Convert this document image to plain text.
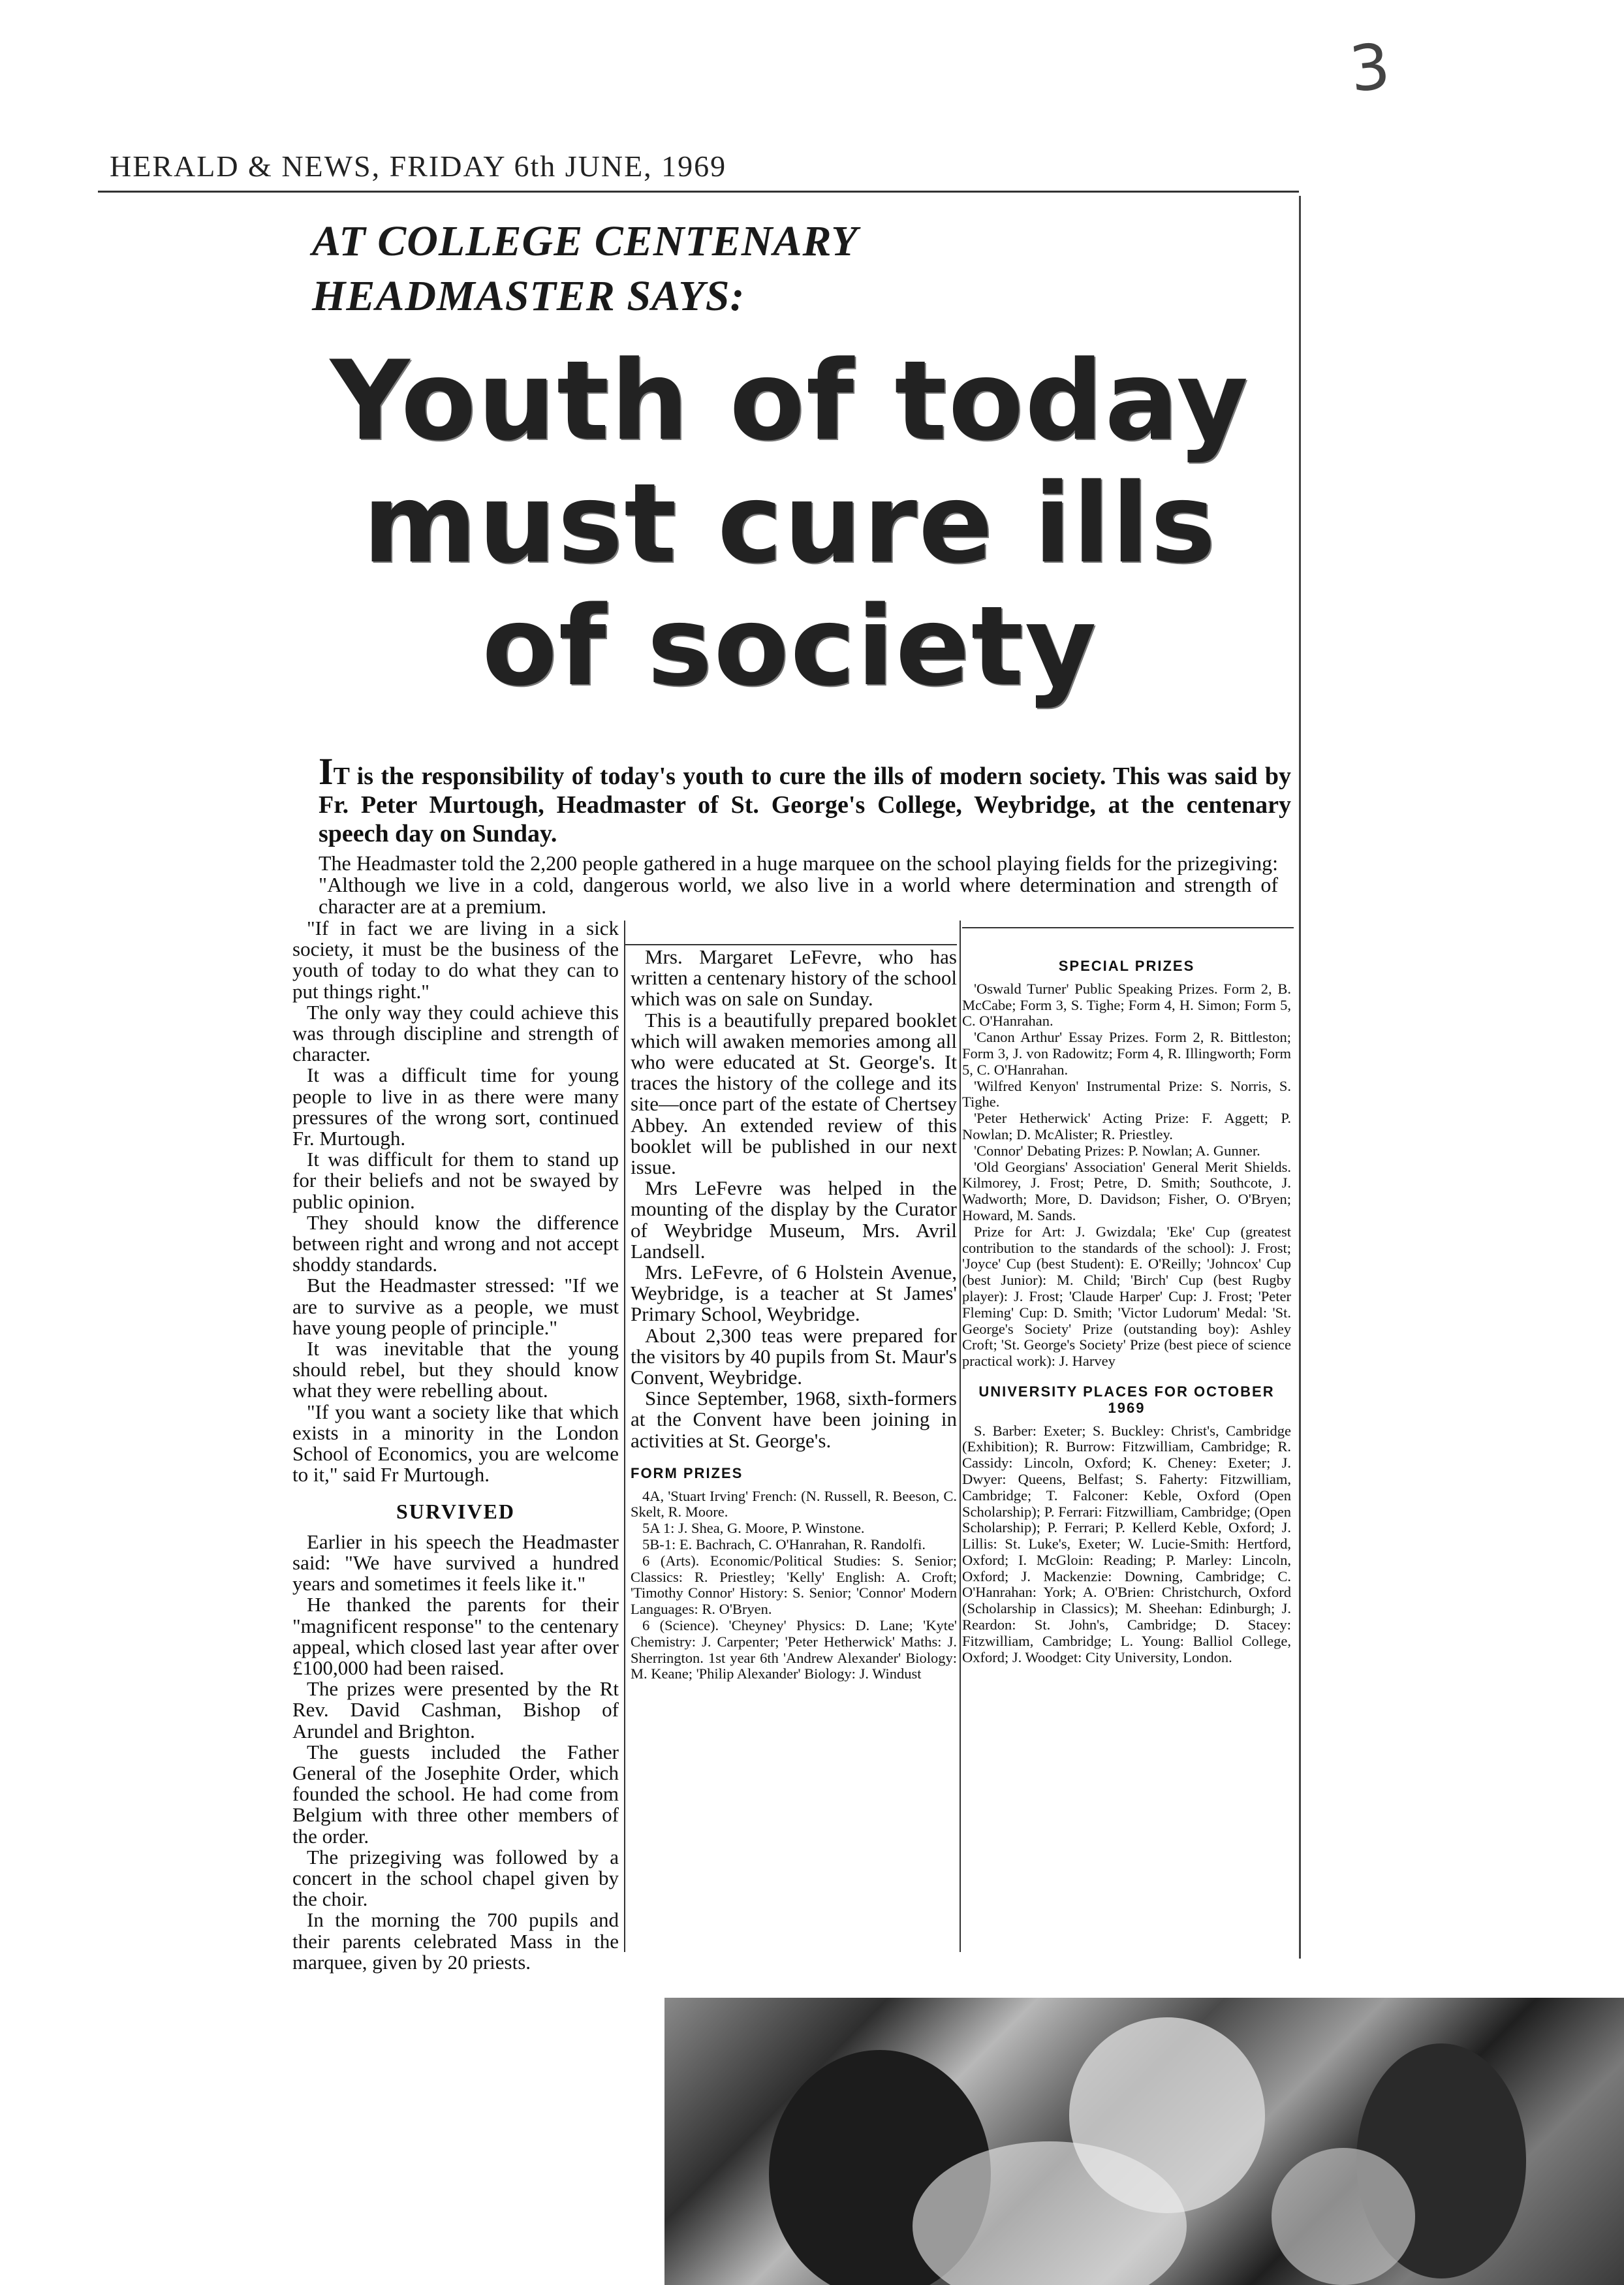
3
HERALD & NEWS, FRIDAY 6th JUNE, 1969
AT COLLEGE CENTENARY
HEADMASTER SAYS:
Youth of today
must cure ills
of society
IT is the responsibility of today's youth to cure the ills of modern society. This was said by Fr. Peter Murtough, Headmaster of St. George's College, Weybridge, at the centenary speech day on Sunday.
The Headmaster told the 2,200 people gathered in a huge marquee on the school playing fields for the prizegiving: "Although we live in a cold, dangerous world, we also live in a world where determination and strength of character are at a premium.

"If in fact we are living in a sick society, it must be the business of the youth of today to do what they can to put things right."

The only way they could achieve this was through discipline and strength of character.

It was a difficult time for young people to live in as there were many pressures of the wrong sort, continued Fr. Murtough.

It was difficult for them to stand up for their beliefs and not be swayed by public opinion.

They should know the difference between right and wrong and not accept shoddy standards.

But the Headmaster stressed: "If we are to survive as a people, we must have young people of principle."

It was inevitable that the young should rebel, but they should know what they were rebelling about.

"If you want a society like that which exists in a minority in the London School of Economics, you are welcome to it," said Fr Murtough.

SURVIVED

Earlier in his speech the Headmaster said: "We have survived a hundred years and sometimes it feels like it."

He thanked the parents for their "magnificent response" to the centenary appeal, which closed last year after over £100,000 had been raised.

The prizes were presented by the Rt Rev. David Cashman, Bishop of Arundel and Brighton.

The guests included the Father General of the Josephite Order, which founded the school. He had come from Belgium with three other members of the order.

The prizegiving was followed by a concert in the school chapel given by the choir.

In the morning the 700 pupils and their parents celebrated Mass in the marquee, given by 20 priests.

Mrs. Margaret LeFevre, who has written a centenary history of the school which was on sale on Sunday.

This is a beautifully prepared booklet which will awaken memories among all who were educated at St. George's. It traces the history of the college and its site—once part of the estate of Chertsey Abbey. An extended review of this booklet will be published in our next issue.

Mrs LeFevre was helped in the mounting of the display by the Curator of Weybridge Museum, Mrs. Avril Landsell.

Mrs. LeFevre, of 6 Holstein Avenue, Weybridge, is a teacher at St James' Primary School, Weybridge.

About 2,300 teas were prepared for the visitors by 40 pupils from St. Maur's Convent, Weybridge.

Since September, 1968, sixth-formers at the Convent have been joining in activities at St. George's.

FORM PRIZES

4A, 'Stuart Irving' French: (N. Russell, R. Beeson, C. Skelt, R. Moore.

5A 1: J. Shea, G. Moore, P. Winstone.

5B-1: E. Bachrach, C. O'Hanrahan, R. Randolfi.

6 (Arts). Economic/Political Studies: S. Senior; Classics: R. Priestley; 'Kelly' English: A. Croft; 'Timothy Connor' History: S. Senior; 'Connor' Modern Languages: R. O'Bryen.

6 (Science). 'Cheyney' Physics: D. Lane; 'Kyte' Chemistry: J. Carpenter; 'Peter Hetherwick' Maths: J. Sherrington. 1st year 6th 'Andrew Alexander' Biology: M. Keane; 'Philip Alexander' Biology: J. Windust

SPECIAL PRIZES

'Oswald Turner' Public Speaking Prizes. Form 2, B. McCabe; Form 3, S. Tighe; Form 4, H. Simon; Form 5, C. O'Hanrahan.

'Canon Arthur' Essay Prizes. Form 2, R. Bittleston; Form 3, J. von Radowitz; Form 4, R. Illingworth; Form 5, C. O'Hanrahan.

'Wilfred Kenyon' Instrumental Prize: S. Norris, S. Tighe.

'Peter Hetherwick' Acting Prize: F. Aggett; P. Nowlan; D. McAlister; R. Priestley.

'Connor' Debating Prizes: P. Nowlan; A. Gunner.

'Old Georgians' Association' General Merit Shields. Kilmorey, J. Frost; Petre, D. Smith; Southcote, J. Wadworth; More, D. Davidson; Fisher, O. O'Bryen; Howard, M. Sands.

Prize for Art: J. Gwizdala; 'Eke' Cup (greatest contribution to the standards of the school): J. Frost; 'Joyce' Cup (best Student): E. O'Reilly; 'Johncox' Cup (best Junior): M. Child; 'Birch' Cup (best Rugby player): J. Frost; 'Claude Harper' Cup: J. Frost; 'Peter Fleming' Cup: D. Smith; 'Victor Ludorum' Medal: 'St. George's Society' Prize (outstanding boy): Ashley Croft; 'St. George's Society' Prize (best piece of science practical work): J. Harvey

UNIVERSITY PLACES FOR OCTOBER 1969

S. Barber: Exeter; S. Buckley: Christ's, Cambridge (Exhibition); R. Burrow: Fitzwilliam, Cambridge; R. Cassidy: Lincoln, Oxford; K. Cheney: Exeter; J. Dwyer: Queens, Belfast; S. Faherty: Fitzwilliam, Cambridge; T. Falconer: Keble, Oxford (Open Scholarship); P. Ferrari: Fitzwilliam, Cambridge; (Open Scholarship); P. Ferrari; P. Kellerd Keble, Oxford; J. Lillis: St. Luke's, Exeter; W. Lucie-Smith: Hertford, Oxford; I. McGloin: Reading; P. Marley: Lincoln, Oxford; J. Mackenzie: Downing, Cambridge; C. O'Hanrahan: York; A. O'Brien: Christchurch, Oxford (Scholarship in Classics); M. Sheehan: Edinburgh; J. Reardon: St. John's, Cambridge; D. Stacey: Fitzwilliam, Cambridge; L. Young: Balliol College, Oxford; J. Woodget: City University, London.
